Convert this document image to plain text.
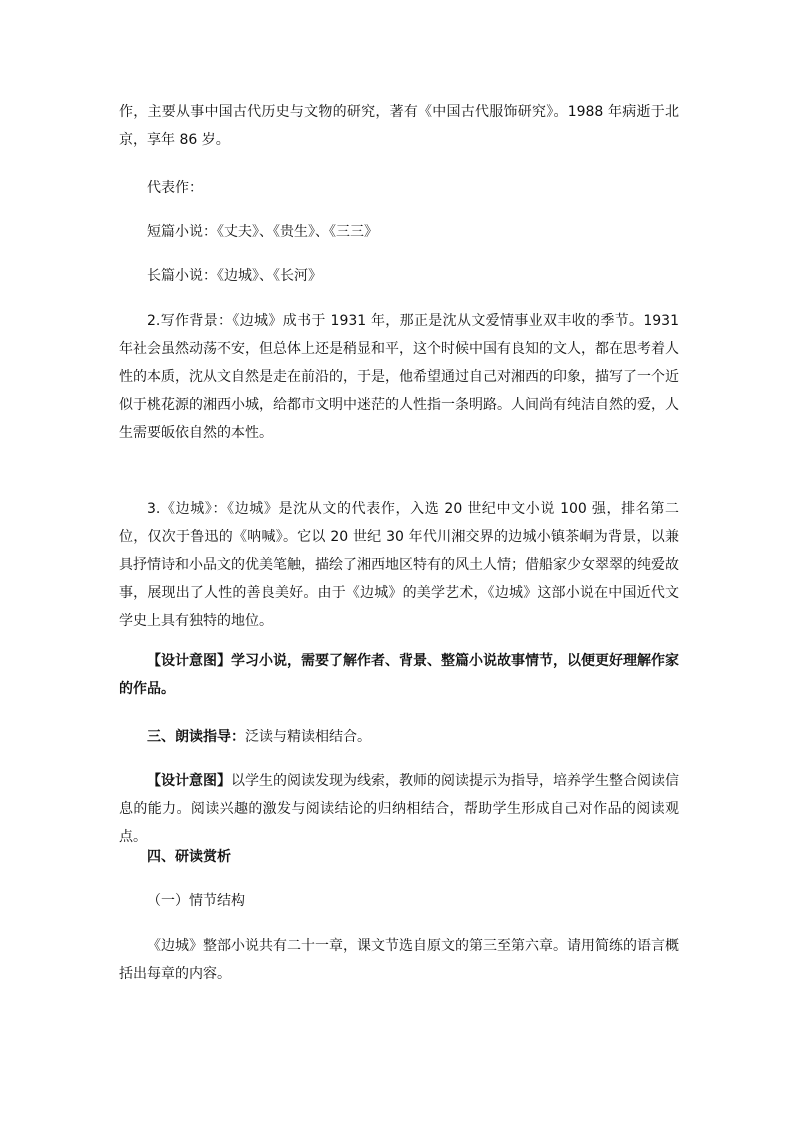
作，主要从事中国古代历史与文物的研究，著有《中国古代服饰研究》。1988 年病逝于北京，享年 86 岁。

代表作：

短篇小说：《丈夫》、《贵生》、《三三》

长篇小说：《边城》、《长河》

2.写作背景：《边城》成书于 1931 年，那正是沈从文爱情事业双丰收的季节。1931 年社会虽然动荡不安，但总体上还是稍显和平，这个时候中国有良知的文人，都在思考着人性的本质，沈从文自然是走在前沿的，于是，他希望通过自己对湘西的印象，描写了一个近似于桃花源的湘西小城，给都市文明中迷茫的人性指一条明路。人间尚有纯洁自然的爱，人生需要皈依自然的本性。

3.《边城》：《边城》是沈从文的代表作，入选 20 世纪中文小说 100 强，排名第二位，仅次于鲁迅的《呐喊》。它以 20 世纪 30 年代川湘交界的边城小镇茶峒为背景，以兼具抒情诗和小品文的优美笔触，描绘了湘西地区特有的风土人情；借船家少女翠翠的纯爱故事，展现出了人性的善良美好。由于《边城》的美学艺术，《边城》这部小说在中国近代文学史上具有独特的地位。

【设计意图】学习小说，需要了解作者、背景、整篇小说故事情节，以便更好理解作家的作品。

三、朗读指导：泛读与精读相结合。

【设计意图】以学生的阅读发现为线索，教师的阅读提示为指导，培养学生整合阅读信息的能力。阅读兴趣的激发与阅读结论的归纳相结合，帮助学生形成自己对作品的阅读观点。

四、研读赏析

（一）情节结构

《边城》整部小说共有二十一章，课文节选自原文的第三至第六章。请用简练的语言概括出每章的内容。
